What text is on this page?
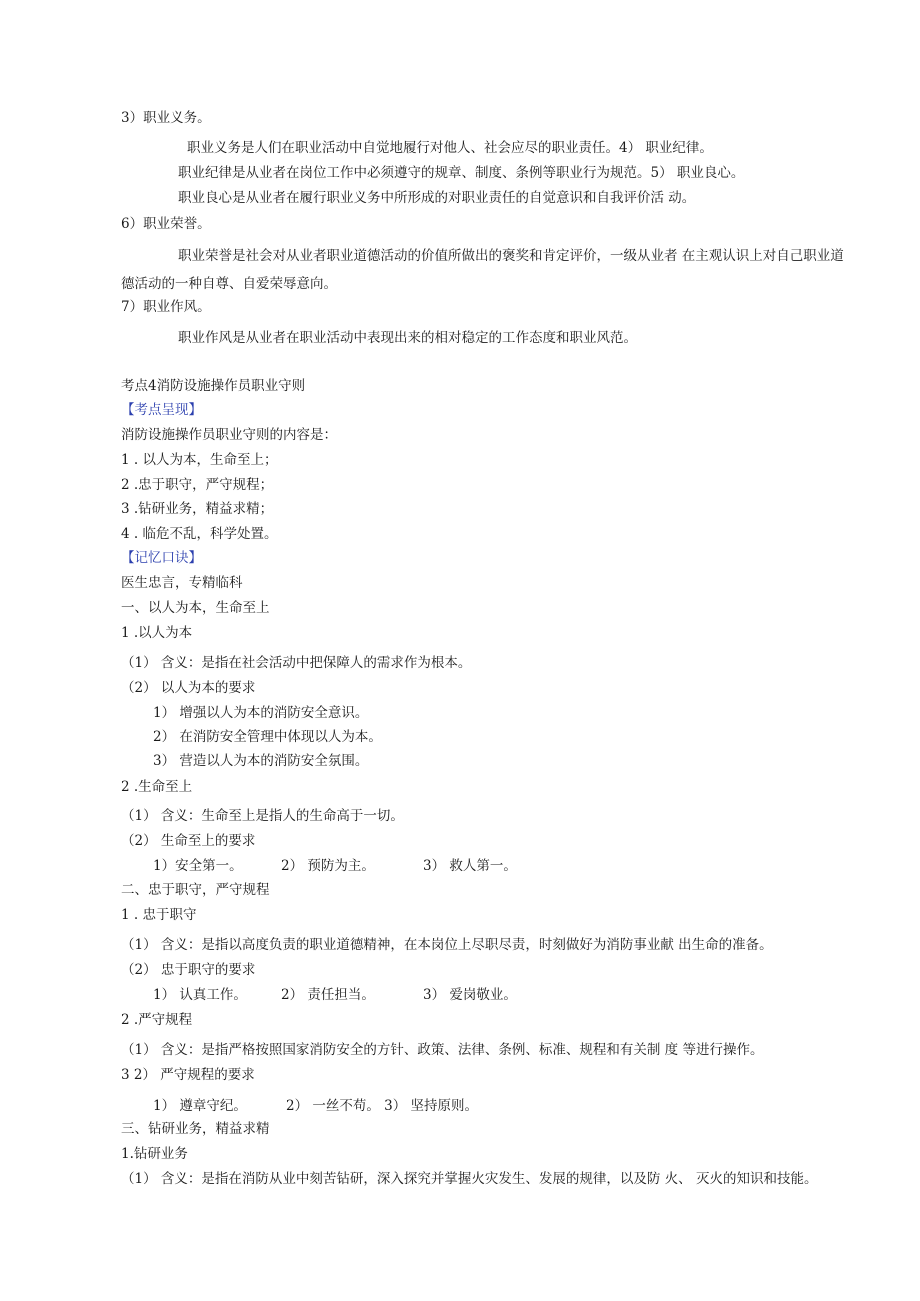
3）职业义务。
职业义务是人们在职业活动中自觉地履行对他人、社会应尽的职业责任。4） 职业纪律。
职业纪律是从业者在岗位工作中必须遵守的规章、制度、条例等职业行为规范。5） 职业良心。
职业良心是从业者在履行职业义务中所形成的对职业责任的自觉意识和自我评价活 动。
6）职业荣誉。
职业荣誉是社会对从业者职业道德活动的价值所做出的褒奖和肯定评价，一级从业者 在主观认识上对自己职业道德活动的一种自尊、自爱荣辱意向。
7）职业作风。
职业作风是从业者在职业活动中表现出来的相对稳定的工作态度和职业风范。
考点4消防设施操作员职业守则
【考点呈现】
消防设施操作员职业守则的内容是：
1 . 以人为本，生命至上；
2 .忠于职守，严守规程；
3 .钻研业务，精益求精；
4 . 临危不乱，科学处置。
【记忆口诀】
医生忠言，专精临科
一、以人为本，生命至上
1 .以人为本
（1） 含义：是指在社会活动中把保障人的需求作为根本。
（2） 以人为本的要求
1） 增强以人为本的消防安全意识。
2） 在消防安全管理中体现以人为本。
3） 营造以人为本的消防安全氛围。
2 .生命至上
（1） 含义：生命至上是指人的生命高于一切。
（2） 生命至上的要求
1）安全第一。	2） 预防为主。	3） 救人第一。
二、忠于职守，严守规程
1 . 忠于职守
（1） 含义：是指以高度负责的职业道德精神，在本岗位上尽职尽责，时刻做好为消防事业献 出生命的准备。
（2） 忠于职守的要求
1） 认真工作。	2） 责任担当。	3） 爱岗敬业。
2 .严守规程
（1） 含义：是指严格按照国家消防安全的方针、政策、法律、条例、标准、规程和有关制 度 等进行操作。
3 2） 严守规程的要求
1） 遵章守纪。	2） 一丝不苟。 3） 坚持原则。
三、钻研业务，精益求精
1.钻研业务
（1） 含义：是指在消防从业中刻苦钻研，深入探究并掌握火灾发生、发展的规律，以及防 火、 灭火的知识和技能。
